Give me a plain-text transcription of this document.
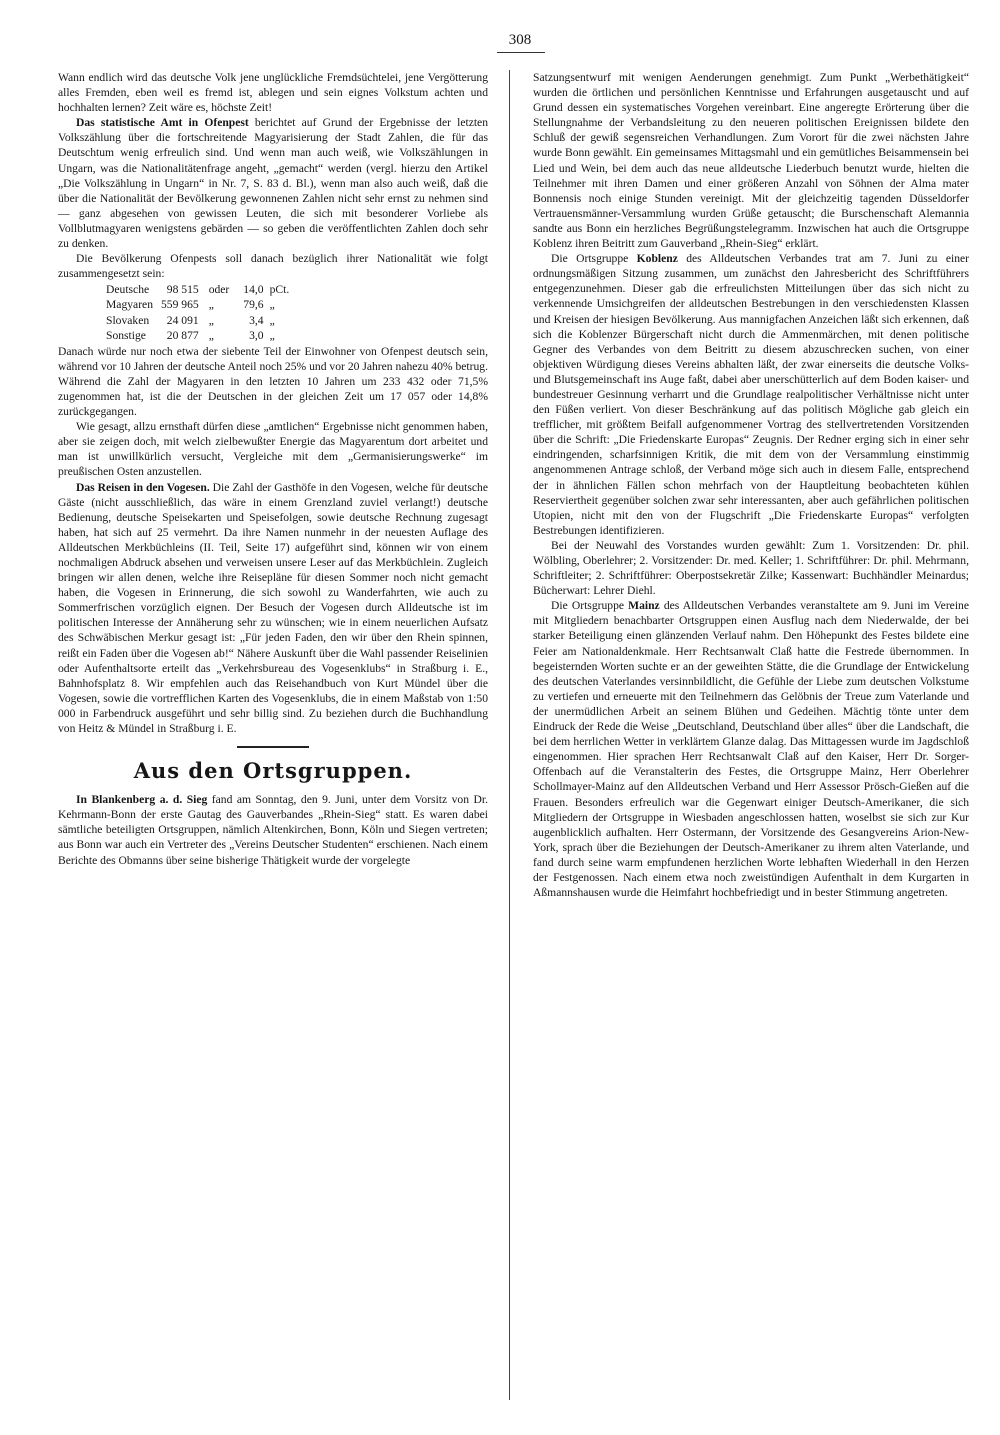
308

Wann endlich wird das deutsche Volk jene unglückliche Fremdsüchtelei, jene Vergötterung alles Fremden, eben weil es fremd ist, ablegen und sein eignes Volkstum achten und hochhalten lernen? Zeit wäre es, höchste Zeit!

Das statistische Amt in Ofenpest berichtet auf Grund der Ergebnisse der letzten Volkszählung über die fortschreitende Magyarisierung der Stadt Zahlen, die für das Deutschtum wenig erfreulich sind. Und wenn man auch weiß, wie Volkszählungen in Ungarn, was die Nationalitätenfrage angeht, „gemacht“ werden (vergl. hierzu den Artikel „Die Volkszählung in Ungarn“ in Nr. 7, S. 83 d. Bl.), wenn man also auch weiß, daß die über die Nationalität der Bevölkerung gewonnenen Zahlen nicht sehr ernst zu nehmen sind — ganz abgesehen von gewissen Leuten, die sich mit besonderer Vorliebe als Vollblutmagyaren wenigstens gebärden — so geben die veröffentlichten Zahlen doch sehr zu denken.

Die Bevölkerung Ofenpests soll danach bezüglich ihrer Nationalität wie folgt zusammengesetzt sein:

Deutsche	98 515	oder	14,0	pCt.
Magyaren	559 965	„	79,6	„
Slovaken	24 091	„	3,4	„
Sonstige	20 877	„	3,0	„

Danach würde nur noch etwa der siebente Teil der Einwohner von Ofenpest deutsch sein, während vor 10 Jahren der deutsche Anteil noch 25% und vor 20 Jahren nahezu 40% betrug. Während die Zahl der Magyaren in den letzten 10 Jahren um 233 432 oder 71,5% zugenommen hat, ist die der Deutschen in der gleichen Zeit um 17 057 oder 14,8% zurückgegangen.

Wie gesagt, allzu ernsthaft dürfen diese „amtlichen“ Ergebnisse nicht genommen haben, aber sie zeigen doch, mit welch zielbewußter Energie das Magyarentum dort arbeitet und man ist unwillkürlich versucht, Vergleiche mit dem „Germanisierungswerke“ im preußischen Osten anzustellen.

Das Reisen in den Vogesen. Die Zahl der Gasthöfe in den Vogesen, welche für deutsche Gäste (nicht ausschließlich, das wäre in einem Grenzland zuviel verlangt!) deutsche Bedienung, deutsche Speisekarten und Speisefolgen, sowie deutsche Rechnung zugesagt haben, hat sich auf 25 vermehrt. Da ihre Namen nunmehr in der neuesten Auflage des Alldeutschen Merkbüchleins (II. Teil, Seite 17) aufgeführt sind, können wir von einem nochmaligen Abdruck absehen und verweisen unsere Leser auf das Merkbüchlein. Zugleich bringen wir allen denen, welche ihre Reisepläne für diesen Sommer noch nicht gemacht haben, die Vogesen in Erinnerung, die sich sowohl zu Wanderfahrten, wie auch zu Sommerfrischen vorzüglich eignen. Der Besuch der Vogesen durch Alldeutsche ist im politischen Interesse der Annäherung sehr zu wünschen; wie in einem neuerlichen Aufsatz des Schwäbischen Merkur gesagt ist: „Für jeden Faden, den wir über den Rhein spinnen, reißt ein Faden über die Vogesen ab!“ Nähere Auskunft über die Wahl passender Reiselinien oder Aufenthaltsorte erteilt das „Verkehrsbureau des Vogesenklubs“ in Straßburg i. E., Bahnhofsplatz 8. Wir empfehlen auch das Reisehandbuch von Kurt Mündel über die Vogesen, sowie die vortrefflichen Karten des Vogesenklubs, die in einem Maßstab von 1:50 000 in Farbendruck ausgeführt und sehr billig sind. Zu beziehen durch die Buchhandlung von Heitz & Mündel in Straßburg i. E.

Aus den Ortsgruppen.

In Blankenberg a. d. Sieg fand am Sonntag, den 9. Juni, unter dem Vorsitz von Dr. Kehrmann-Bonn der erste Gautag des Gauverbandes „Rhein-Sieg“ statt. Es waren dabei sämtliche beteiligten Ortsgruppen, nämlich Altenkirchen, Bonn, Köln und Siegen vertreten; aus Bonn war auch ein Vertreter des „Vereins Deutscher Studenten“ erschienen. Nach einem Berichte des Obmanns über seine bisherige Thätigkeit wurde der vorgelegte

Satzungsentwurf mit wenigen Aenderungen genehmigt. Zum Punkt „Werbethätigkeit“ wurden die örtlichen und persönlichen Kenntnisse und Erfahrungen ausgetauscht und auf Grund dessen ein systematisches Vorgehen vereinbart. Eine angeregte Erörterung über die Stellungnahme der Verbandsleitung zu den neueren politischen Ereignissen bildete den Schluß der gewiß segensreichen Verhandlungen. Zum Vorort für die zwei nächsten Jahre wurde Bonn gewählt. Ein gemeinsames Mittagsmahl und ein gemütliches Beisammensein bei Lied und Wein, bei dem auch das neue alldeutsche Liederbuch benutzt wurde, hielten die Teilnehmer mit ihren Damen und einer größeren Anzahl von Söhnen der Alma mater Bonnensis noch einige Stunden vereinigt. Mit der gleichzeitig tagenden Düsseldorfer Vertrauensmänner-Versammlung wurden Grüße getauscht; die Burschenschaft Alemannia sandte aus Bonn ein herzliches Begrüßungstelegramm. Inzwischen hat auch die Ortsgruppe Koblenz ihren Beitritt zum Gauverband „Rhein-Sieg“ erklärt.

Die Ortsgruppe Koblenz des Alldeutschen Verbandes trat am 7. Juni zu einer ordnungsmäßigen Sitzung zusammen, um zunächst den Jahresbericht des Schriftführers entgegenzunehmen. Dieser gab die erfreulichsten Mitteilungen über das sich nicht zu verkennende Umsichgreifen der alldeutschen Bestrebungen in den verschiedensten Klassen und Kreisen der hiesigen Bevölkerung. Aus mannigfachen Anzeichen läßt sich erkennen, daß sich die Koblenzer Bürgerschaft nicht durch die Ammenmärchen, mit denen politische Gegner des Verbandes von dem Beitritt zu diesem abzuschrecken suchen, von einer objektiven Würdigung dieses Vereins abhalten läßt, der zwar einerseits die deutsche Volks- und Blutsgemeinschaft ins Auge faßt, dabei aber unerschütterlich auf dem Boden kaiser- und bundestreuer Gesinnung verharrt und die Grundlage realpolitischer Verhältnisse nicht unter den Füßen verliert. Von dieser Beschränkung auf das politisch Mögliche gab gleich ein trefflicher, mit größtem Beifall aufgenommener Vortrag des stellvertretenden Vorsitzenden über die Schrift: „Die Friedenskarte Europas“ Zeugnis. Der Redner erging sich in einer sehr eindringenden, scharfsinnigen Kritik, die mit dem von der Versammlung einstimmig angenommenen Antrage schloß, der Verband möge sich auch in diesem Falle, entsprechend der in ähnlichen Fällen schon mehrfach von der Hauptleitung beobachteten kühlen Reserviertheit gegenüber solchen zwar sehr interessanten, aber auch gefährlichen politischen Utopien, nicht mit den von der Flugschrift „Die Friedenskarte Europas“ verfolgten Bestrebungen identifizieren.

Bei der Neuwahl des Vorstandes wurden gewählt: Zum 1. Vorsitzenden: Dr. phil. Wölbling, Oberlehrer; 2. Vorsitzender: Dr. med. Keller; 1. Schriftführer: Dr. phil. Mehrmann, Schriftleiter; 2. Schriftführer: Oberpostsekretär Zilke; Kassenwart: Buchhändler Meinardus; Bücherwart: Lehrer Diehl.

Die Ortsgruppe Mainz des Alldeutschen Verbandes veranstaltete am 9. Juni im Vereine mit Mitgliedern benachbarter Ortsgruppen einen Ausflug nach dem Niederwalde, der bei starker Beteiligung einen glänzenden Verlauf nahm. Den Höhepunkt des Festes bildete eine Feier am Nationaldenkmale. Herr Rechtsanwalt Claß hatte die Festrede übernommen. In begeisternden Worten suchte er an der geweihten Stätte, die die Grundlage der Entwickelung des deutschen Vaterlandes versinnbildlicht, die Gefühle der Liebe zum deutschen Volkstume zu vertiefen und erneuerte mit den Teilnehmern das Gelöbnis der Treue zum Vaterlande und der unermüdlichen Arbeit an seinem Blühen und Gedeihen. Mächtig tönte unter dem Eindruck der Rede die Weise „Deutschland, Deutschland über alles“ über die Landschaft, die bei dem herrlichen Wetter in verklärtem Glanze dalag. Das Mittagessen wurde im Jagdschloß eingenommen. Hier sprachen Herr Rechtsanwalt Claß auf den Kaiser, Herr Dr. Sorger-Offenbach auf die Veranstalterin des Festes, die Ortsgruppe Mainz, Herr Oberlehrer Schollmayer-Mainz auf den Alldeutschen Verband und Herr Assessor Prösch-Gießen auf die Frauen. Besonders erfreulich war die Gegenwart einiger Deutsch-Amerikaner, die sich Mitgliedern der Ortsgruppe in Wiesbaden angeschlossen hatten, woselbst sie sich zur Kur augenblicklich aufhalten. Herr Ostermann, der Vorsitzende des Gesangvereins Arion-New-York, sprach über die Beziehungen der Deutsch-Amerikaner zu ihrem alten Vaterlande, und fand durch seine warm empfundenen herzlichen Worte lebhaften Wiederhall in den Herzen der Festgenossen. Nach einem etwa noch zweistündigen Aufenthalt in dem Kurgarten in Aßmannshausen wurde die Heimfahrt hochbefriedigt und in bester Stimmung angetreten.
